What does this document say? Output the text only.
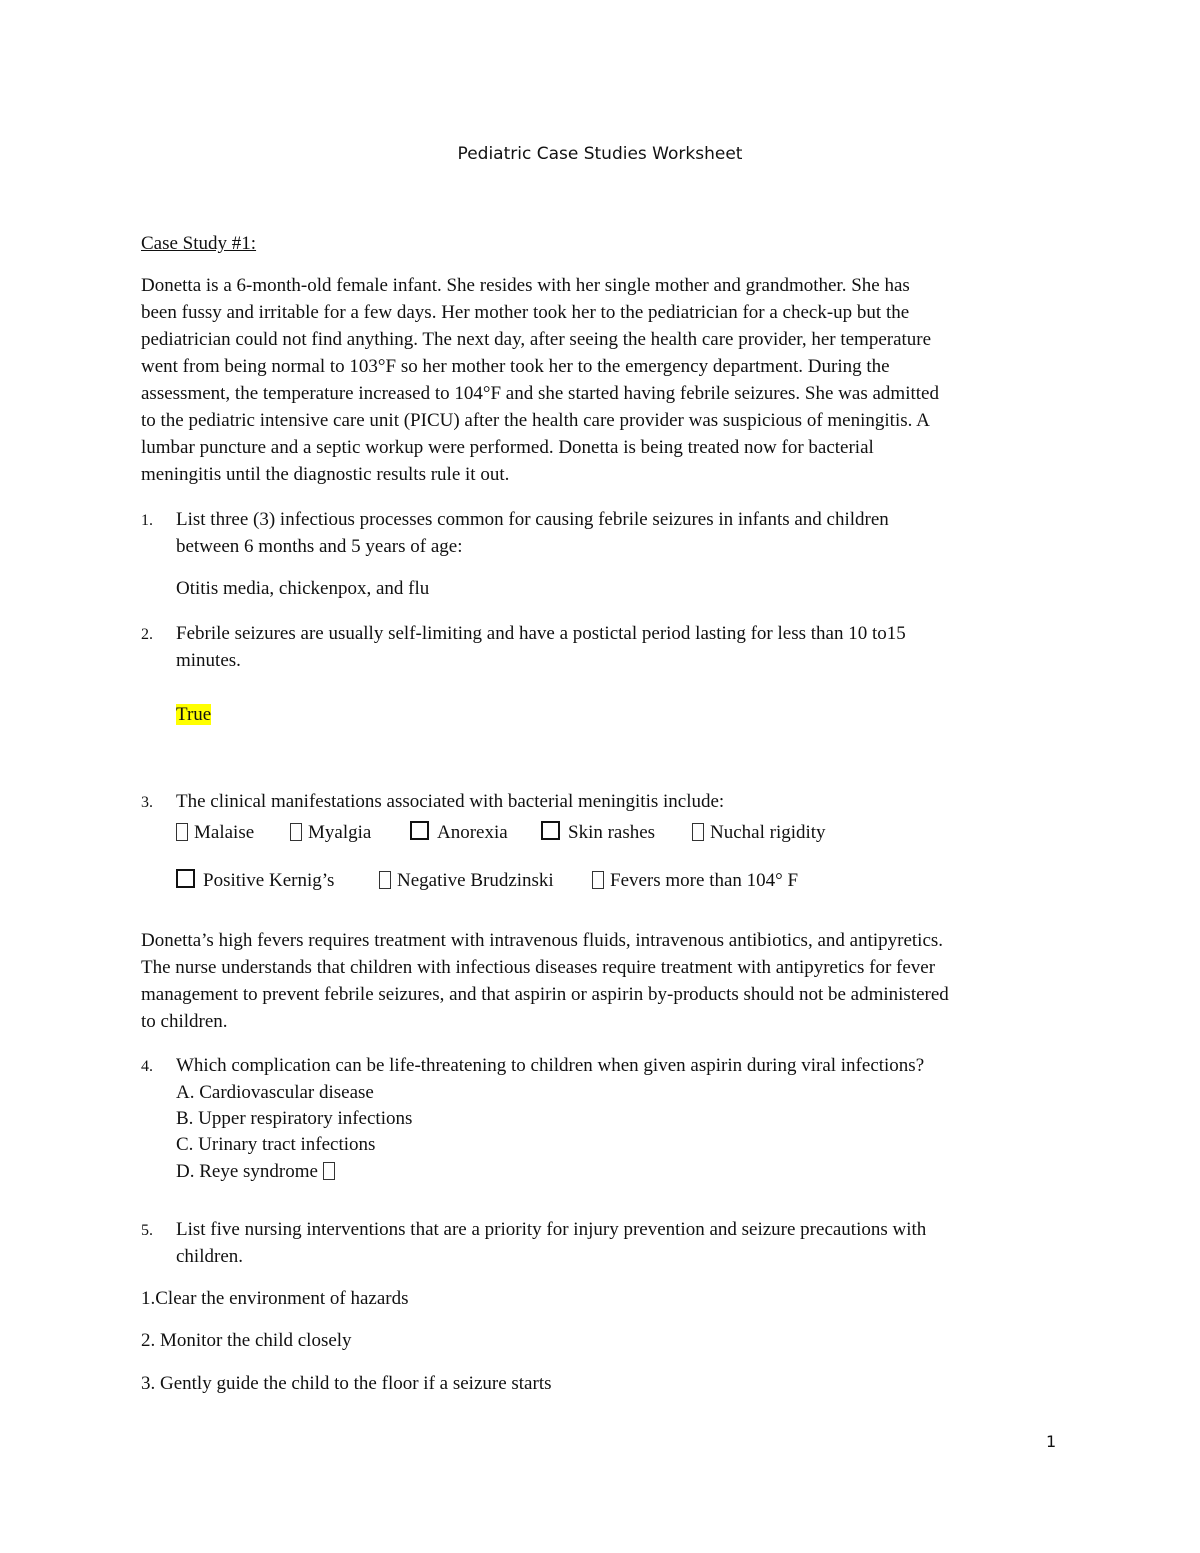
Pediatric Case Studies Worksheet
Case Study #1:
Donetta is a 6-month-old female infant. She resides with her single mother and grandmother. She has
been fussy and irritable for a few days. Her mother took her to the pediatrician for a check-up but the
pediatrician could not find anything. The next day, after seeing the health care provider, her temperature
went from being normal to 103°F so her mother took her to the emergency department. During the
assessment, the temperature increased to 104°F and she started having febrile seizures. She was admitted
to the pediatric intensive care unit (PICU) after the health care provider was suspicious of meningitis. A
lumbar puncture and a septic workup were performed. Donetta is being treated now for bacterial
meningitis until the diagnostic results rule it out.
1. List three (3) infectious processes common for causing febrile seizures in infants and children
between 6 months and 5 years of age:
Otitis media, chickenpox, and flu
2. Febrile seizures are usually self-limiting and have a postictal period lasting for less than 10 to15
minutes.
True
3. The clinical manifestations associated with bacterial meningitis include:
Malaise	Myalgia	Anorexia	Skin rashes	Nuchal rigidity
Positive Kernig’s	Negative Brudzinski	Fevers more than 104° F
Donetta’s high fevers requires treatment with intravenous fluids, intravenous antibiotics, and antipyretics.
The nurse understands that children with infectious diseases require treatment with antipyretics for fever
management to prevent febrile seizures, and that aspirin or aspirin by-products should not be administered
to children.
4. Which complication can be life-threatening to children when given aspirin during viral infections?
A. Cardiovascular disease
B. Upper respiratory infections
C. Urinary tract infections
D. Reye syndrome
5. List five nursing interventions that are a priority for injury prevention and seizure precautions with
children.
1.Clear the environment of hazards
2. Monitor the child closely
3. Gently guide the child to the floor if a seizure starts
1
